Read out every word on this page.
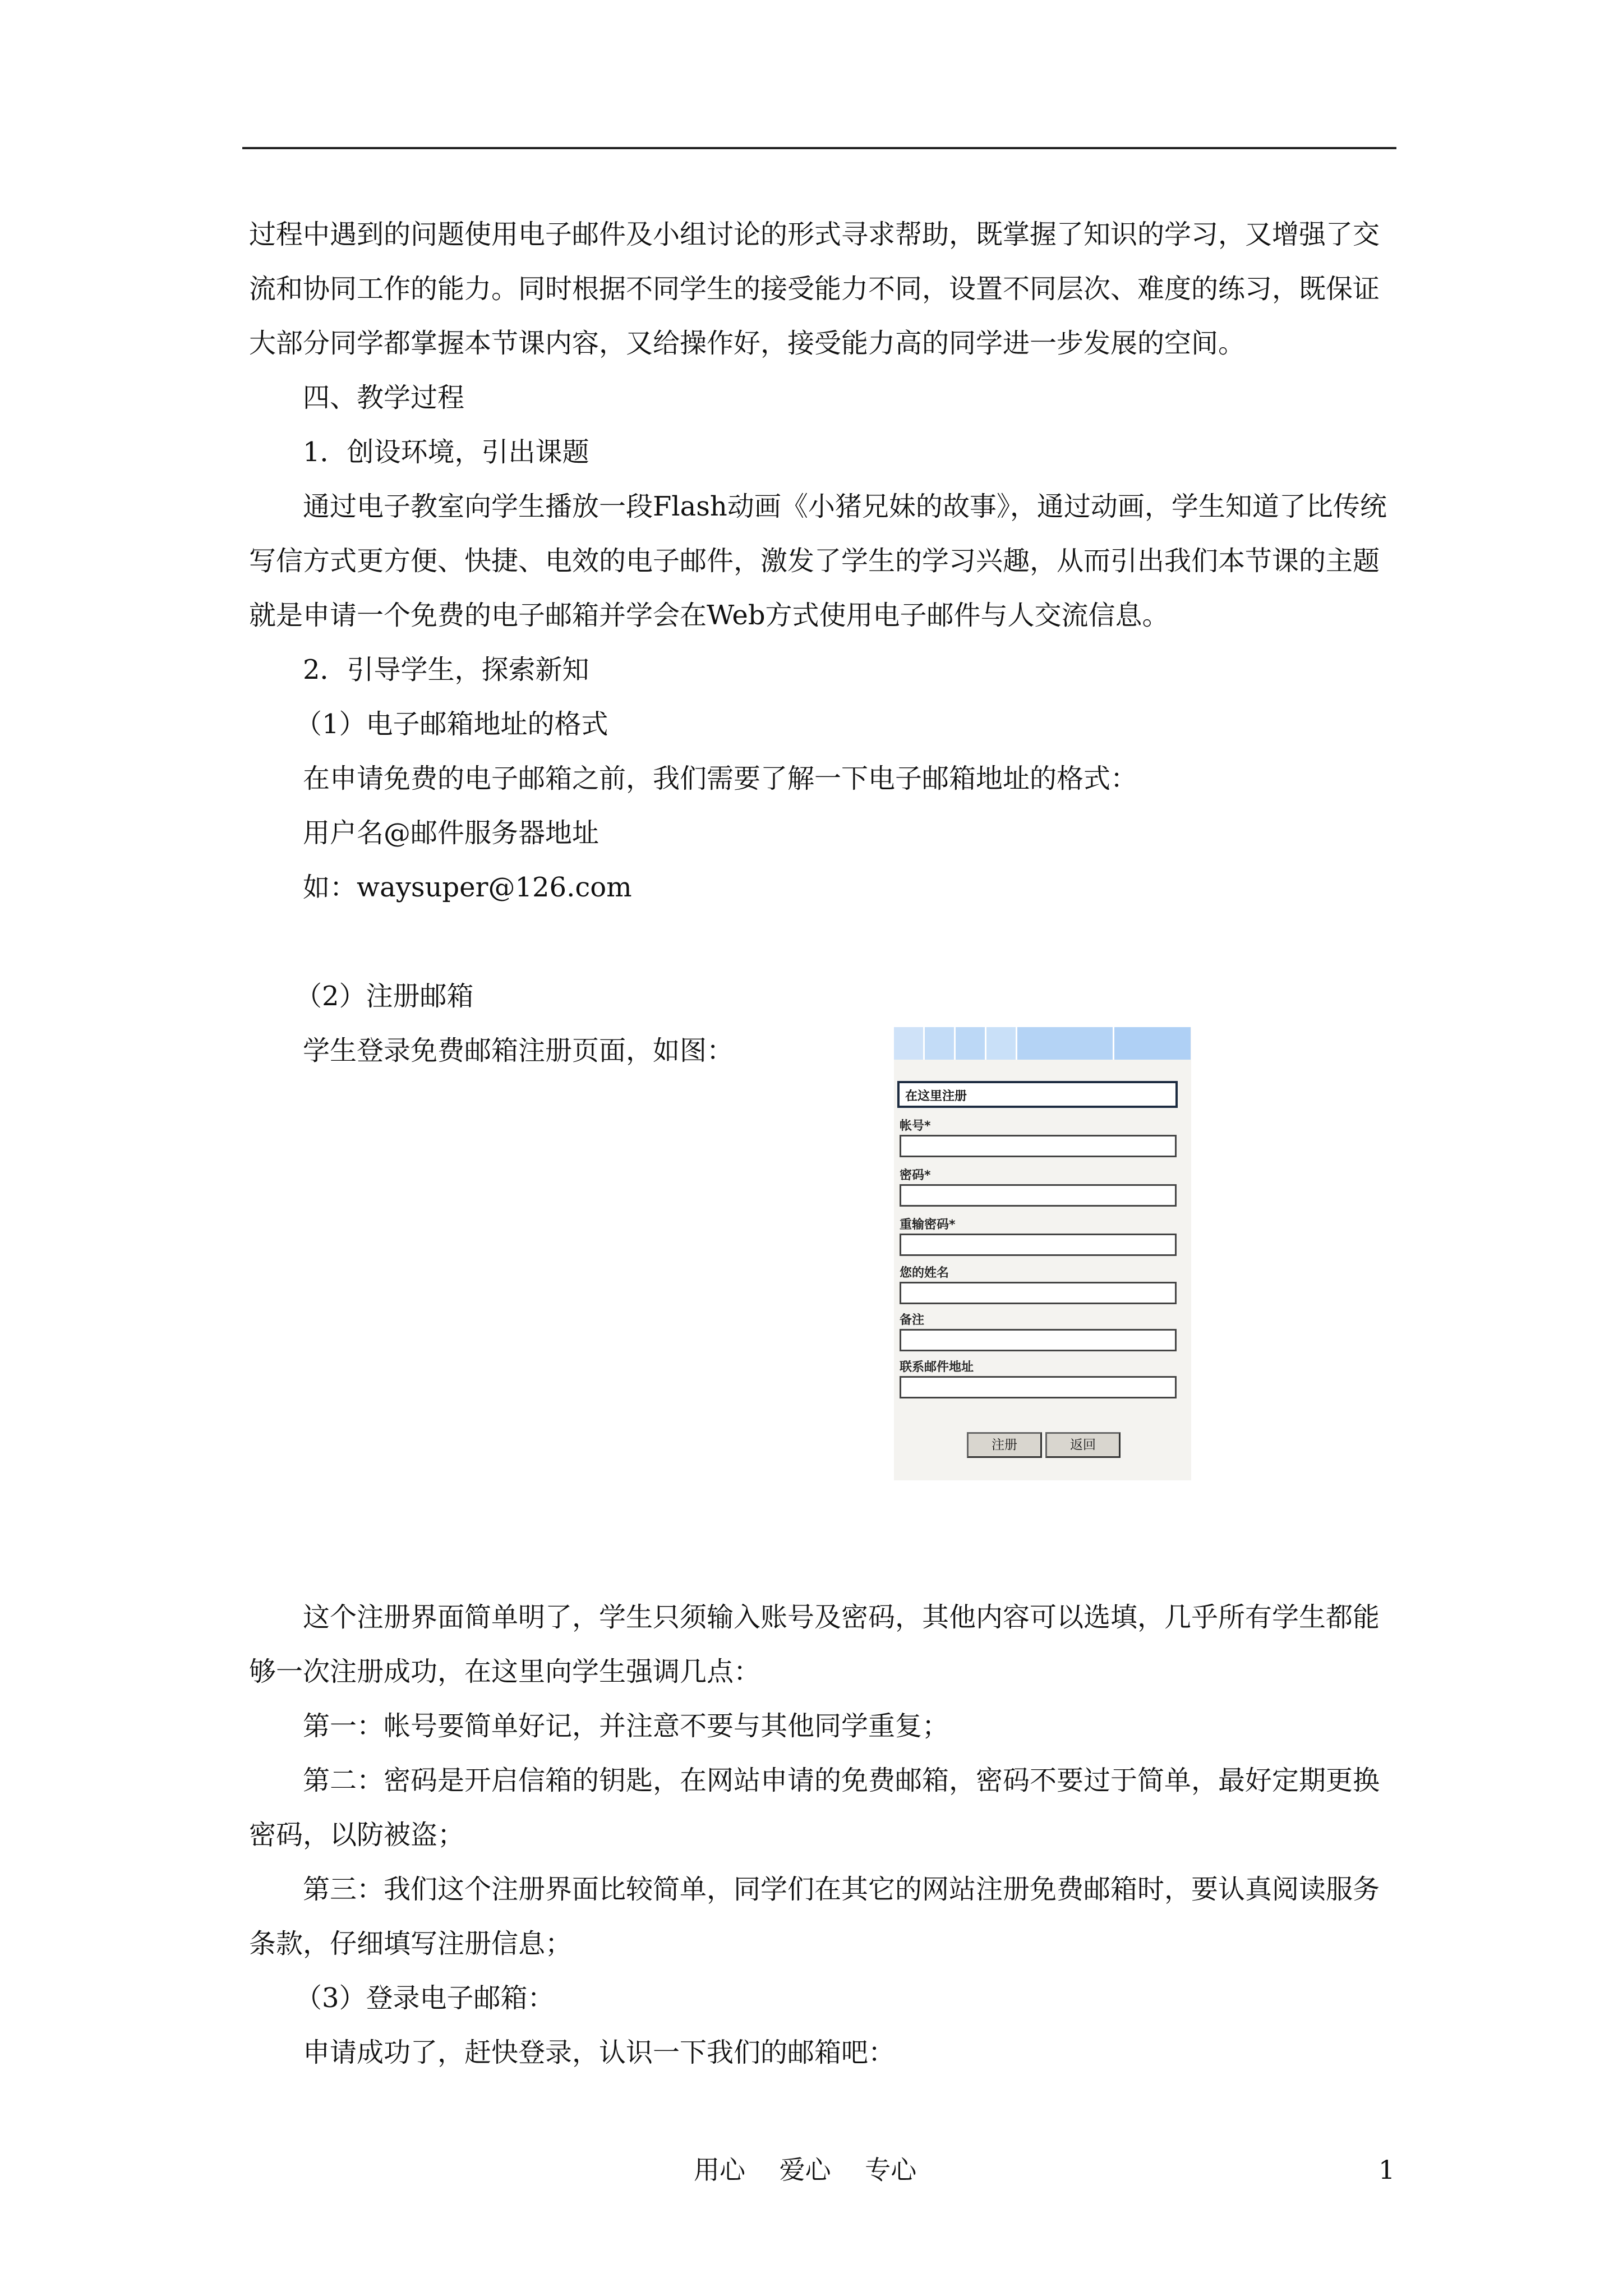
过程中遇到的问题使用电子邮件及小组讨论的形式寻求帮助，既掌握了知识的学习，又增强了交流和协同工作的能力。同时根据不同学生的接受能力不同，设置不同层次、难度的练习，既保证大部分同学都掌握本节课内容，又给操作好，接受能力高的同学进一步发展的空间。

四、教学过程

1．创设环境，引出课题

通过电子教室向学生播放一段Flash动画《小猪兄妹的故事》，通过动画，学生知道了比传统写信方式更方便、快捷、电效的电子邮件，激发了学生的学习兴趣，从而引出我们本节课的主题就是申请一个免费的电子邮箱并学会在Web方式使用电子邮件与人交流信息。

2．引导学生，探索新知

（1）电子邮箱地址的格式

在申请免费的电子邮箱之前，我们需要了解一下电子邮箱地址的格式：

用户名@邮件服务器地址

如：waysuper@126.com

（2）注册邮箱

学生登录免费邮箱注册页面，如图：

在这里注册
帐号*
密码*
重输密码*
您的姓名
备注
联系邮件地址
注册	返回

这个注册界面简单明了，学生只须输入账号及密码，其他内容可以选填，几乎所有学生都能够一次注册成功，在这里向学生强调几点：

第一：帐号要简单好记，并注意不要与其他同学重复；

第二：密码是开启信箱的钥匙，在网站申请的免费邮箱，密码不要过于简单，最好定期更换密码，以防被盗；

第三：我们这个注册界面比较简单，同学们在其它的网站注册免费邮箱时，要认真阅读服务条款，仔细填写注册信息；

（3）登录电子邮箱：

申请成功了，赶快登录，认识一下我们的邮箱吧：

用心　 爱心　 专心	1
